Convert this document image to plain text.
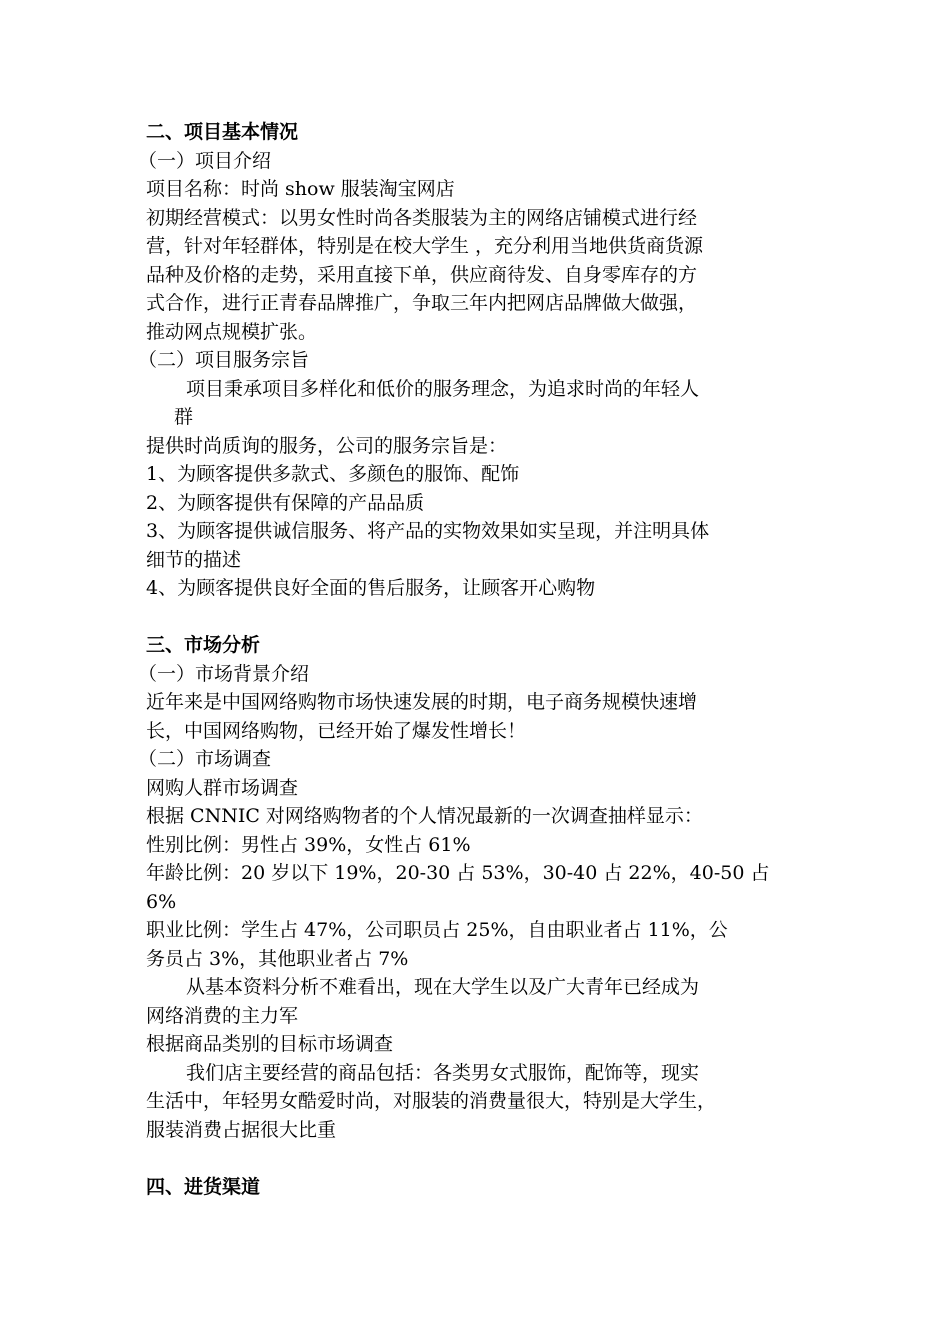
二、项目基本情况
（一）项目介绍
项目名称：时尚 show 服装淘宝网店
初期经营模式：以男女性时尚各类服装为主的网络店铺模式进行经
营，针对年轻群体，特别是在校大学生 ，充分利用当地供货商货源
品种及价格的走势，采用直接下单，供应商待发、自身零库存的方
式合作，进行正青春品牌推广，争取三年内把网店品牌做大做强，
推动网点规模扩张。
（二）项目服务宗旨
项目秉承项目多样化和低价的服务理念，为追求时尚的年轻人
群
提供时尚质询的服务，公司的服务宗旨是：
1、为顾客提供多款式、多颜色的服饰、配饰
2、为顾客提供有保障的产品品质
3、为顾客提供诚信服务、将产品的实物效果如实呈现，并注明具体
细节的描述
4、为顾客提供良好全面的售后服务，让顾客开心购物
三、市场分析
（一）市场背景介绍
近年来是中国网络购物市场快速发展的时期，电子商务规模快速增
长，中国网络购物，已经开始了爆发性增长！
（二）市场调查
网购人群市场调查
根据 CNNIC 对网络购物者的个人情况最新的一次调查抽样显示：
性别比例：男性占 39%，女性占 61%
年龄比例：20 岁以下 19%，20-30 占 53%，30-40 占 22%，40-50 占
6%
职业比例：学生占 47%，公司职员占 25%，自由职业者占 11%，公
务员占 3%，其他职业者占 7%
从基本资料分析不难看出，现在大学生以及广大青年已经成为
网络消费的主力军
根据商品类别的目标市场调查
我们店主要经营的商品包括：各类男女式服饰，配饰等，现实
生活中，年轻男女酷爱时尚，对服装的消费量很大，特别是大学生，
服装消费占据很大比重
四、进货渠道
